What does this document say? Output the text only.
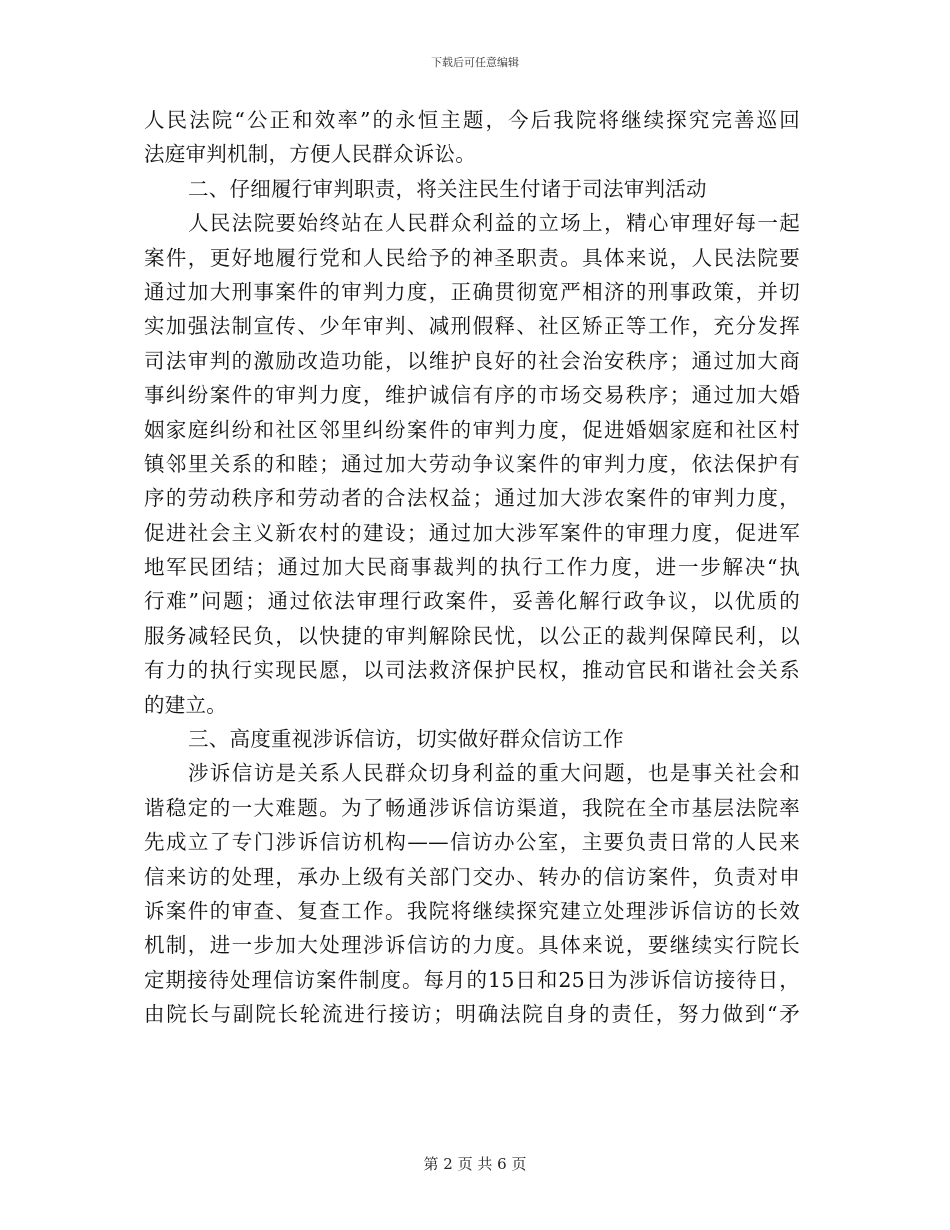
下载后可任意编辑
人民法院“公正和效率”的永恒主题，今后我院将继续探究完善巡回
法庭审判机制，方便人民群众诉讼。
二、仔细履行审判职责，将关注民生付诸于司法审判活动
人民法院要始终站在人民群众利益的立场上，精心审理好每一起
案件，更好地履行党和人民给予的神圣职责。具体来说，人民法院要
通过加大刑事案件的审判力度，正确贯彻宽严相济的刑事政策，并切
实加强法制宣传、少年审判、减刑假释、社区矫正等工作，充分发挥
司法审判的激励改造功能，以维护良好的社会治安秩序；通过加大商
事纠纷案件的审判力度，维护诚信有序的市场交易秩序；通过加大婚
姻家庭纠纷和社区邻里纠纷案件的审判力度，促进婚姻家庭和社区村
镇邻里关系的和睦；通过加大劳动争议案件的审判力度，依法保护有
序的劳动秩序和劳动者的合法权益；通过加大涉农案件的审判力度，
促进社会主义新农村的建设；通过加大涉军案件的审理力度，促进军
地军民团结；通过加大民商事裁判的执行工作力度，进一步解决“执
行难”问题；通过依法审理行政案件，妥善化解行政争议，以优质的
服务减轻民负，以快捷的审判解除民忧，以公正的裁判保障民利，以
有力的执行实现民愿，以司法救济保护民权，推动官民和谐社会关系
的建立。
三、高度重视涉诉信访，切实做好群众信访工作
涉诉信访是关系人民群众切身利益的重大问题，也是事关社会和
谐稳定的一大难题。为了畅通涉诉信访渠道，我院在全市基层法院率
先成立了专门涉诉信访机构——信访办公室，主要负责日常的人民来
信来访的处理，承办上级有关部门交办、转办的信访案件，负责对申
诉案件的审查、复查工作。我院将继续探究建立处理涉诉信访的长效
机制，进一步加大处理涉诉信访的力度。具体来说，要继续实行院长
定期接待处理信访案件制度。每月的15日和25日为涉诉信访接待日，
由院长与副院长轮流进行接访；明确法院自身的责任，努力做到“矛
第 2 页 共 6 页
